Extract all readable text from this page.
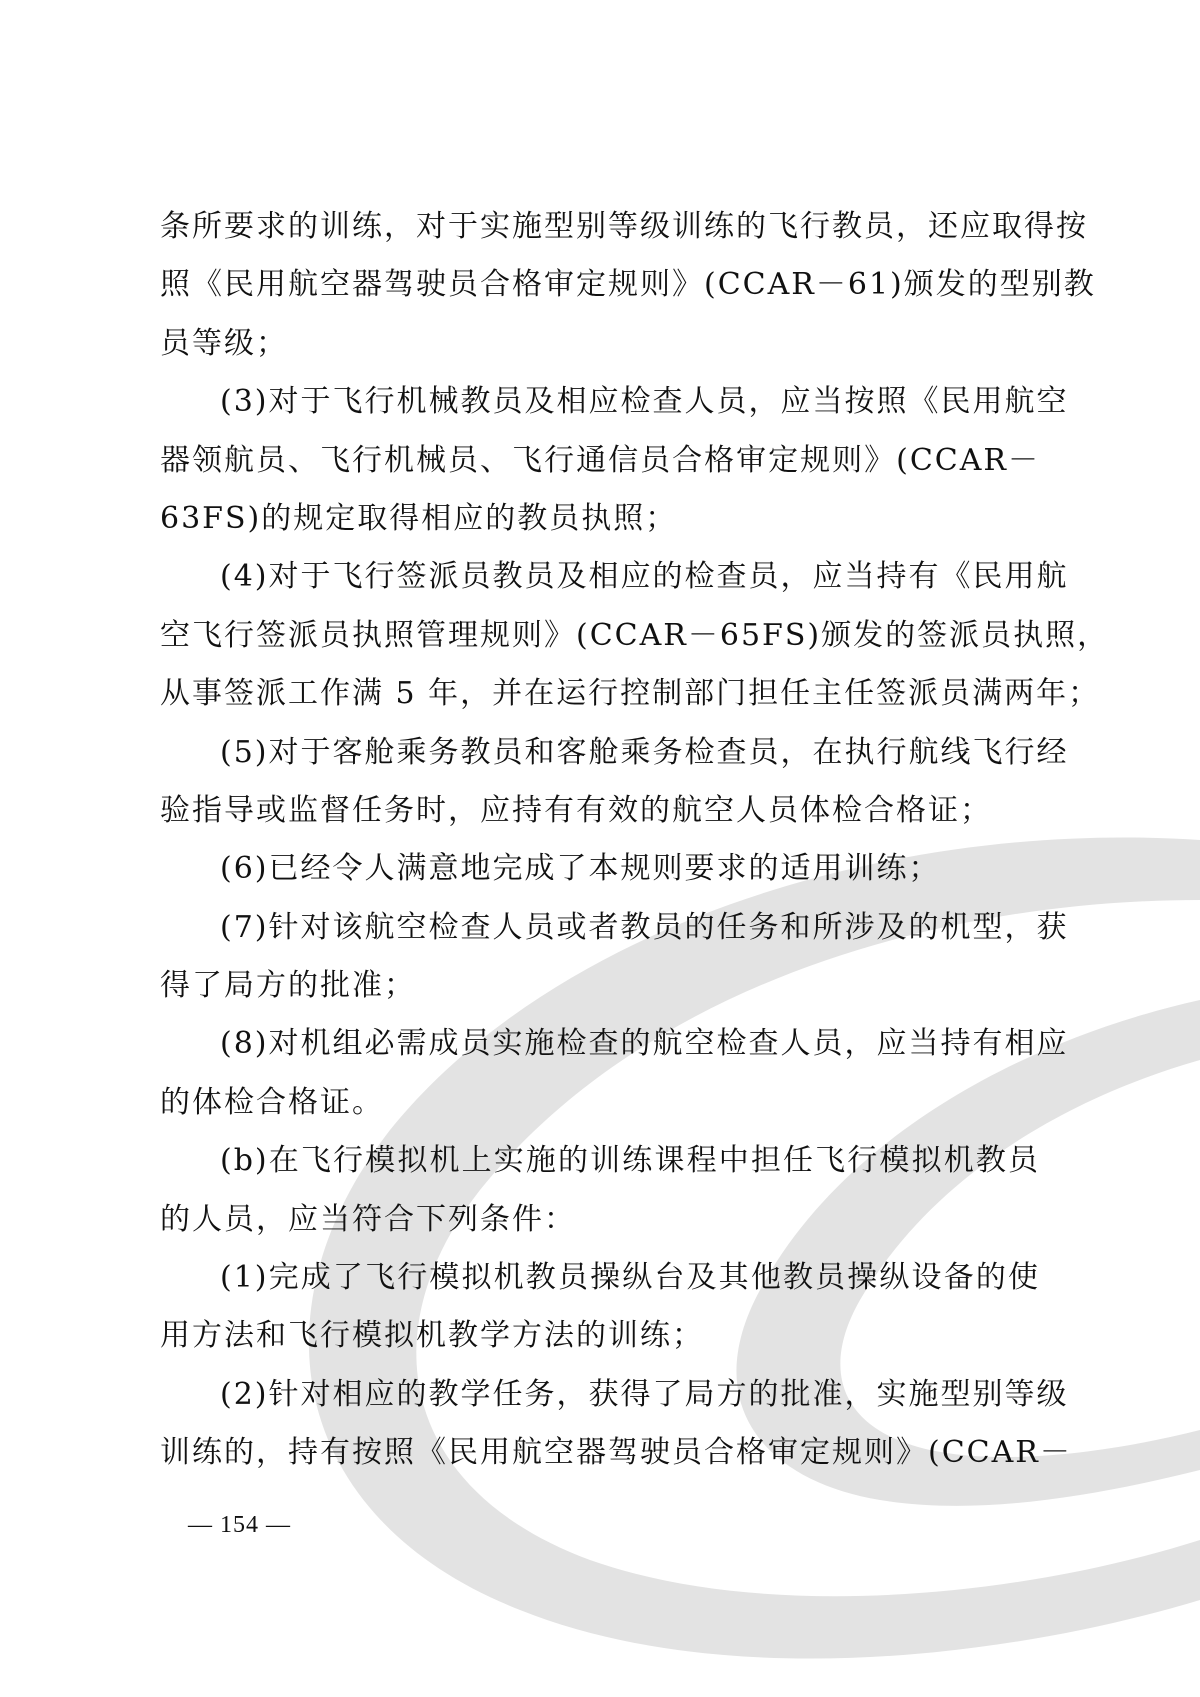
条所要求的训练，对于实施型别等级训练的飞行教员，还应取得按
照《民用航空器驾驶员合格审定规则》(CCAR－61)颁发的型别教
员等级；
(3)对于飞行机械教员及相应检查人员，应当按照《民用航空
器领航员、飞行机械员、飞行通信员合格审定规则》(CCAR－
63FS)的规定取得相应的教员执照；
(4)对于飞行签派员教员及相应的检查员，应当持有《民用航
空飞行签派员执照管理规则》(CCAR－65FS)颁发的签派员执照，
从事签派工作满 5 年，并在运行控制部门担任主任签派员满两年；
(5)对于客舱乘务教员和客舱乘务检查员，在执行航线飞行经
验指导或监督任务时，应持有有效的航空人员体检合格证；
(6)已经令人满意地完成了本规则要求的适用训练；
(7)针对该航空检查人员或者教员的任务和所涉及的机型，获
得了局方的批准；
(8)对机组必需成员实施检查的航空检查人员，应当持有相应
的体检合格证。
(b)在飞行模拟机上实施的训练课程中担任飞行模拟机教员
的人员，应当符合下列条件：
(1)完成了飞行模拟机教员操纵台及其他教员操纵设备的使
用方法和飞行模拟机教学方法的训练；
(2)针对相应的教学任务，获得了局方的批准，实施型别等级
训练的，持有按照《民用航空器驾驶员合格审定规则》(CCAR－
— 154 —
